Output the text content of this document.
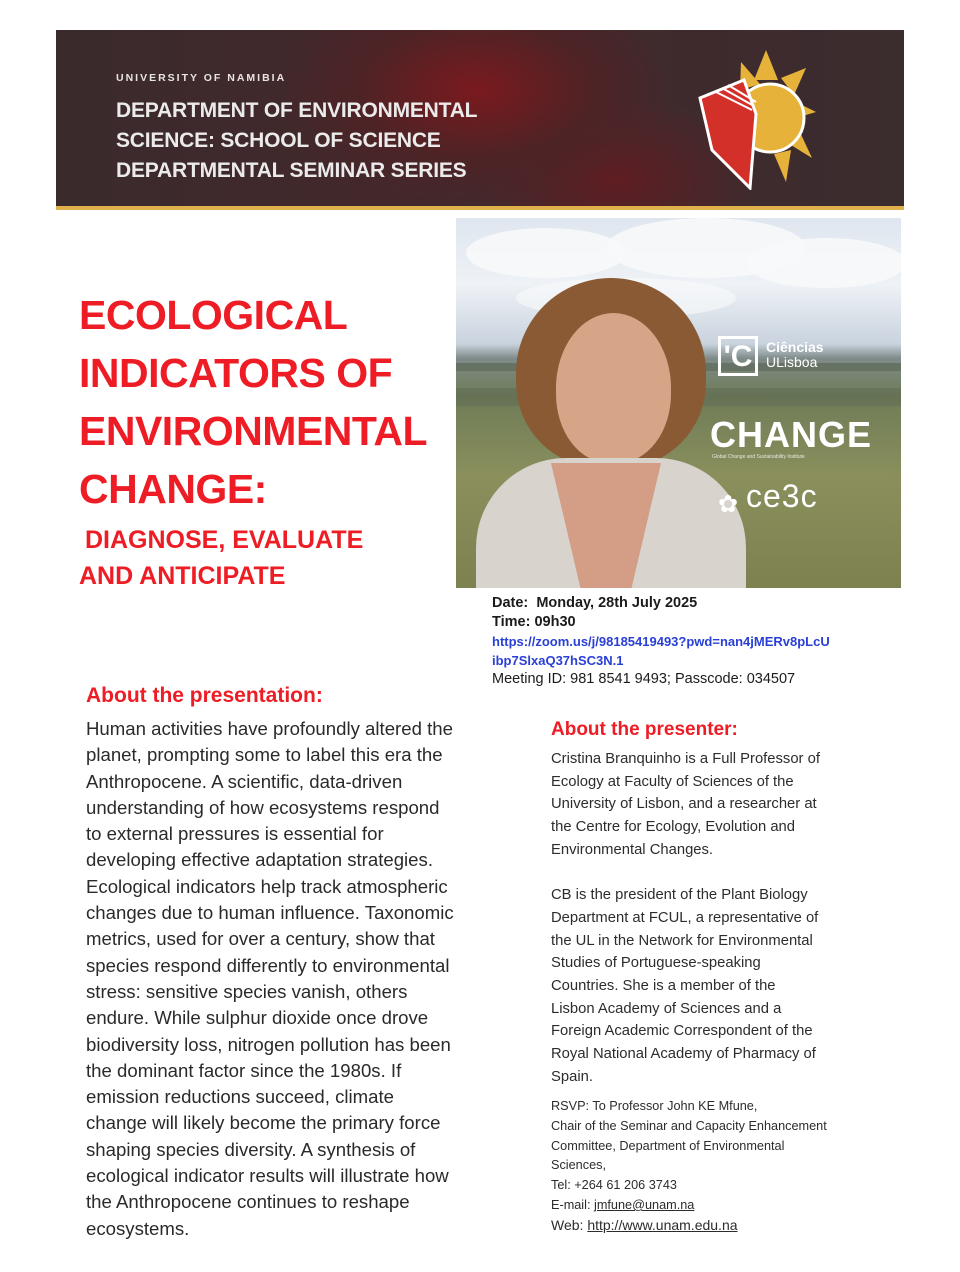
UNIVERSITY OF NAMIBIA
DEPARTMENT OF ENVIRONMENTAL
SCIENCE: SCHOOL OF SCIENCE
DEPARTMENTAL SEMINAR SERIES
ECOLOGICAL
INDICATORS OF
ENVIRONMENTAL
CHANGE:
DIAGNOSE, EVALUATE
AND ANTICIPATE
'C Ciências
ULisboa
CHANGE
Global Change and Sustainability Institute
✿ ce3c
Date: Monday, 28th July 2025
Time: 09h30
https://zoom.us/j/98185419493?pwd=nan4jMERv8pLcU
ibp7SlxaQ37hSC3N.1
Meeting ID: 981 8541 9493; Passcode: 034507
About the presentation:
Human activities have profoundly altered the
planet, prompting some to label this era the
Anthropocene. A scientific, data-driven
understanding of how ecosystems respond
to external pressures is essential for
developing effective adaptation strategies.
Ecological indicators help track atmospheric
changes due to human influence. Taxonomic
metrics, used for over a century, show that
species respond differently to environmental
stress: sensitive species vanish, others
endure. While sulphur dioxide once drove
biodiversity loss, nitrogen pollution has been
the dominant factor since the 1980s. If
emission reductions succeed, climate
change will likely become the primary force
shaping species diversity. A synthesis of
ecological indicator results will illustrate how
the Anthropocene continues to reshape
ecosystems.
About the presenter:
Cristina Branquinho is a Full Professor of
Ecology at Faculty of Sciences of the
University of Lisbon, and a researcher at
the Centre for Ecology, Evolution and
Environmental Changes.
CB is the president of the Plant Biology
Department at FCUL, a representative of
the UL in the Network for Environmental
Studies of Portuguese-speaking
Countries. She is a member of the
Lisbon Academy of Sciences and a
Foreign Academic Correspondent of the
Royal National Academy of Pharmacy of
Spain.
RSVP: To Professor John KE Mfune,
Chair of the Seminar and Capacity Enhancement
Committee, Department of Environmental
Sciences,
Tel: +264 61 206 3743
E-mail: jmfune@unam.na
Web: http://www.unam.edu.na
